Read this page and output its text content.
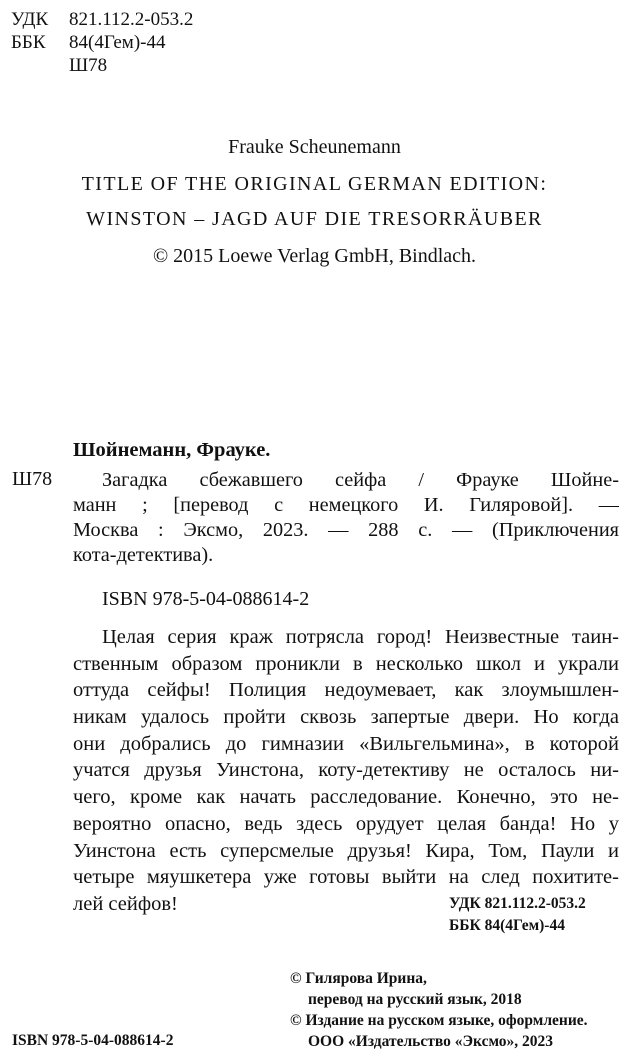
УДК 821.112.2-053.2
ББК 84(4Гем)-44
Ш78
Frauke Scheunemann
TITLE OF THE ORIGINAL GERMAN EDITION:
WINSTON – JAGD AUF DIE TRESORRÄUBER
© 2015 Loewe Verlag GmbH, Bindlach.
Шойнеманн, Фрауке.
Ш78	Загадка сбежавшего сейфа / Фрауке Шойне-
манн ; [перевод с немецкого И. Гиляровой]. —
Москва : Эксмо, 2023. — 288 с. — (Приключения
кота-детектива).
ISBN 978-5-04-088614-2
Целая серия краж потрясла город! Неизвестные таин-
ственным образом проникли в несколько школ и украли
оттуда сейфы! Полиция недоумевает, как злоумышлен-
никам удалось пройти сквозь запертые двери. Но когда
они добрались до гимназии «Вильгельмина», в которой
учатся друзья Уинстона, коту-детективу не осталось ни-
чего, кроме как начать расследование. Конечно, это не-
вероятно опасно, ведь здесь орудует целая банда! Но у
Уинстона есть суперсмелые друзья! Кира, Том, Паули и
четыре мяушкетера уже готовы выйти на след похитите-
лей сейфов!	УДК 821.112.2-053.2
ББК 84(4Гем)-44
© Гилярова Ирина,
перевод на русский язык, 2018
© Издание на русском языке, оформление.
ООО «Издательство «Эксмо», 2023
ISBN 978-5-04-088614-2
